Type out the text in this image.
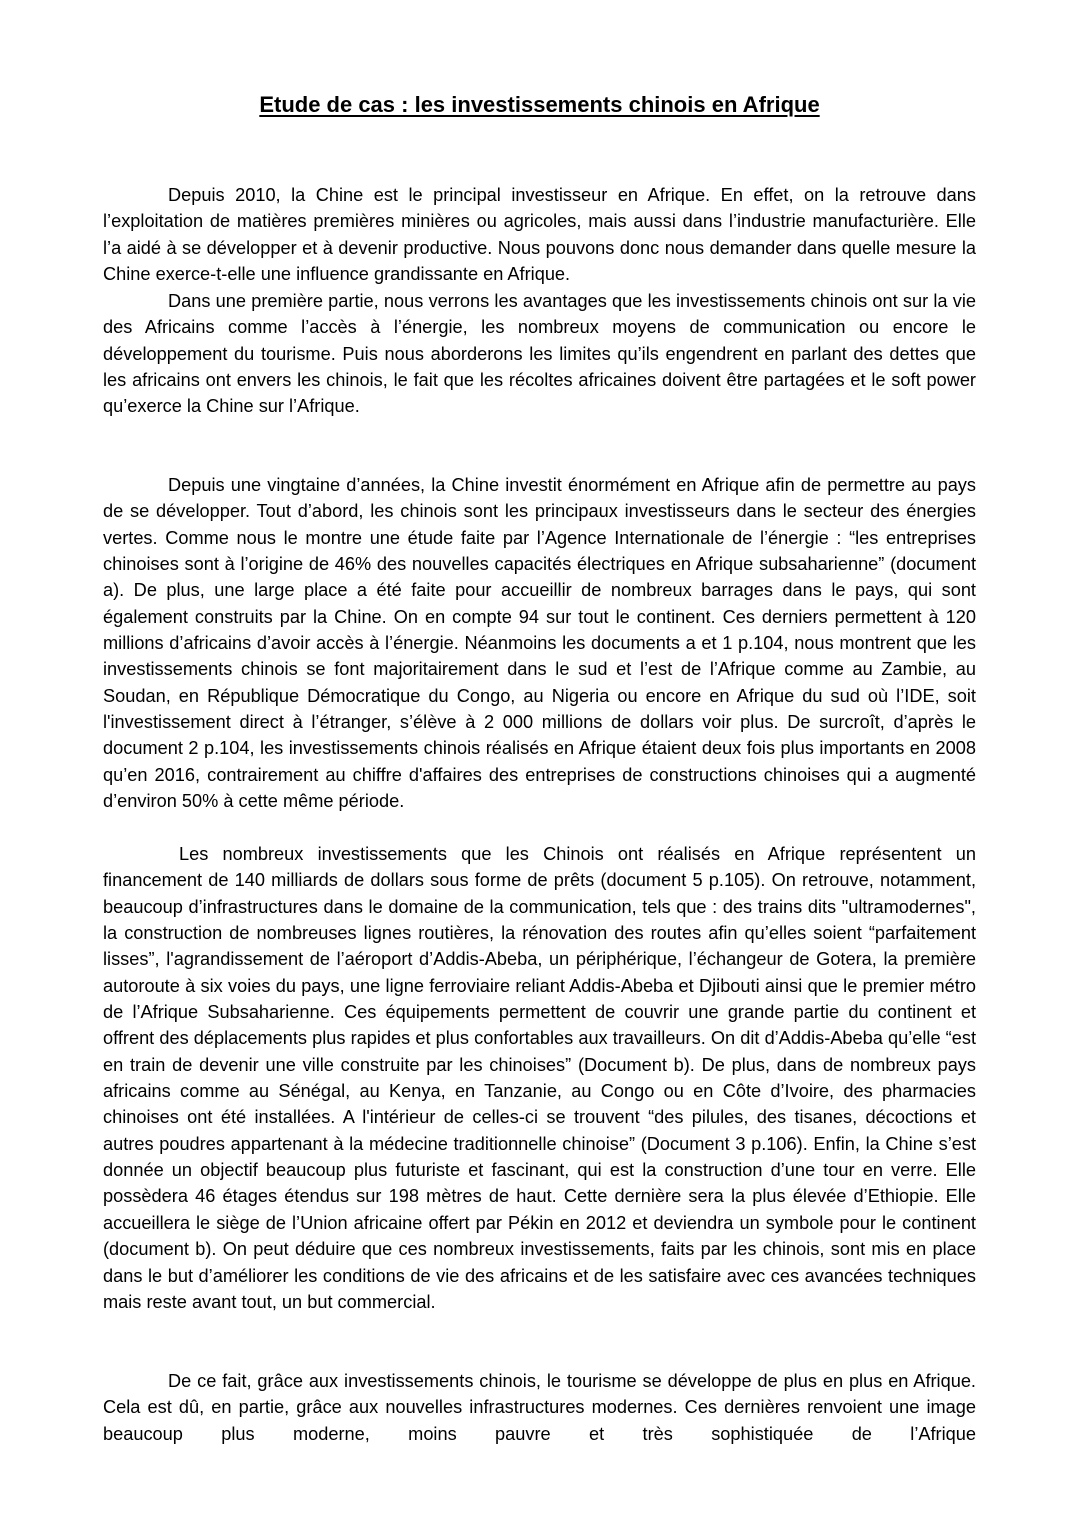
Etude de cas : les investissements chinois en Afrique

Depuis 2010, la Chine est le principal investisseur en Afrique. En effet, on la retrouve dans l’exploitation de matières premières minières ou agricoles, mais aussi dans l’industrie manufacturière. Elle l’a aidé à se développer et à devenir productive. Nous pouvons donc nous demander dans quelle mesure la Chine exerce-t-elle une influence grandissante en Afrique.

Dans une première partie, nous verrons les avantages que les investissements chinois ont sur la vie des Africains comme l’accès à l’énergie, les nombreux moyens de communication ou encore le développement du tourisme. Puis nous aborderons les limites qu’ils engendrent en parlant des dettes que les africains ont envers les chinois, le fait que les récoltes africaines doivent être partagées et le soft power qu’exerce la Chine sur l’Afrique.

Depuis une vingtaine d’années, la Chine investit énormément en Afrique afin de permettre au pays de se développer. Tout d’abord, les chinois sont les principaux investisseurs dans le secteur des énergies vertes. Comme nous le montre une étude faite par l’Agence Internationale de l’énergie : “les entreprises chinoises sont à l’origine de 46% des nouvelles capacités électriques en Afrique subsaharienne” (document a). De plus, une large place a été faite pour accueillir de nombreux barrages dans le pays, qui sont également construits par la Chine. On en compte 94 sur tout le continent. Ces derniers permettent à 120 millions d’africains d’avoir accès à l’énergie. Néanmoins les documents a et 1 p.104, nous montrent que les investissements chinois se font majoritairement dans le sud et l’est de l’Afrique comme au Zambie, au Soudan, en République Démocratique du Congo, au Nigeria ou encore en Afrique du sud où l’IDE, soit l'investissement direct à l’étranger, s’élève à 2 000 millions de dollars voir plus. De surcroît, d’après le document 2 p.104, les investissements chinois réalisés en Afrique étaient deux fois plus importants en 2008 qu’en 2016, contrairement au chiffre d'affaires des entreprises de constructions chinoises qui a augmenté d’environ 50% à cette même période.

Les nombreux investissements que les Chinois ont réalisés en Afrique représentent un financement de 140 milliards de dollars sous forme de prêts (document 5 p.105). On retrouve, notamment, beaucoup d’infrastructures dans le domaine de la communication, tels que : des trains dits "ultramodernes", la construction de nombreuses lignes routières, la rénovation des routes afin qu’elles soient “parfaitement lisses”, l'agrandissement de l’aéroport d’Addis-Abeba, un périphérique, l’échangeur de Gotera, la première autoroute à six voies du pays, une ligne ferroviaire reliant Addis-Abeba et Djibouti ainsi que le premier métro de l’Afrique Subsaharienne. Ces équipements permettent de couvrir une grande partie du continent et offrent des déplacements plus rapides et plus confortables aux travailleurs. On dit d’Addis-Abeba qu’elle “est en train de devenir une ville construite par les chinoises” (Document b). De plus, dans de nombreux pays africains comme au Sénégal, au Kenya, en Tanzanie, au Congo ou en Côte d’Ivoire, des pharmacies chinoises ont été installées. A l'intérieur de celles-ci se trouvent “des pilules, des tisanes, décoctions et autres poudres appartenant à la médecine traditionnelle chinoise” (Document 3 p.106). Enfin, la Chine s’est donnée un objectif beaucoup plus futuriste et fascinant, qui est la construction d’une tour en verre. Elle possèdera 46 étages étendus sur 198 mètres de haut. Cette dernière sera la plus élevée d’Ethiopie. Elle accueillera le siège de l’Union africaine offert par Pékin en 2012 et deviendra un symbole pour le continent (document b). On peut déduire que ces nombreux investissements, faits par les chinois, sont mis en place dans le but d’améliorer les conditions de vie des africains et de les satisfaire avec ces avancées techniques mais reste avant tout, un but commercial.

De ce fait, grâce aux investissements chinois, le tourisme se développe de plus en plus en Afrique. Cela est dû, en partie, grâce aux nouvelles infrastructures modernes. Ces dernières renvoient une image beaucoup plus moderne, moins pauvre et très sophistiquée de l’Afrique
